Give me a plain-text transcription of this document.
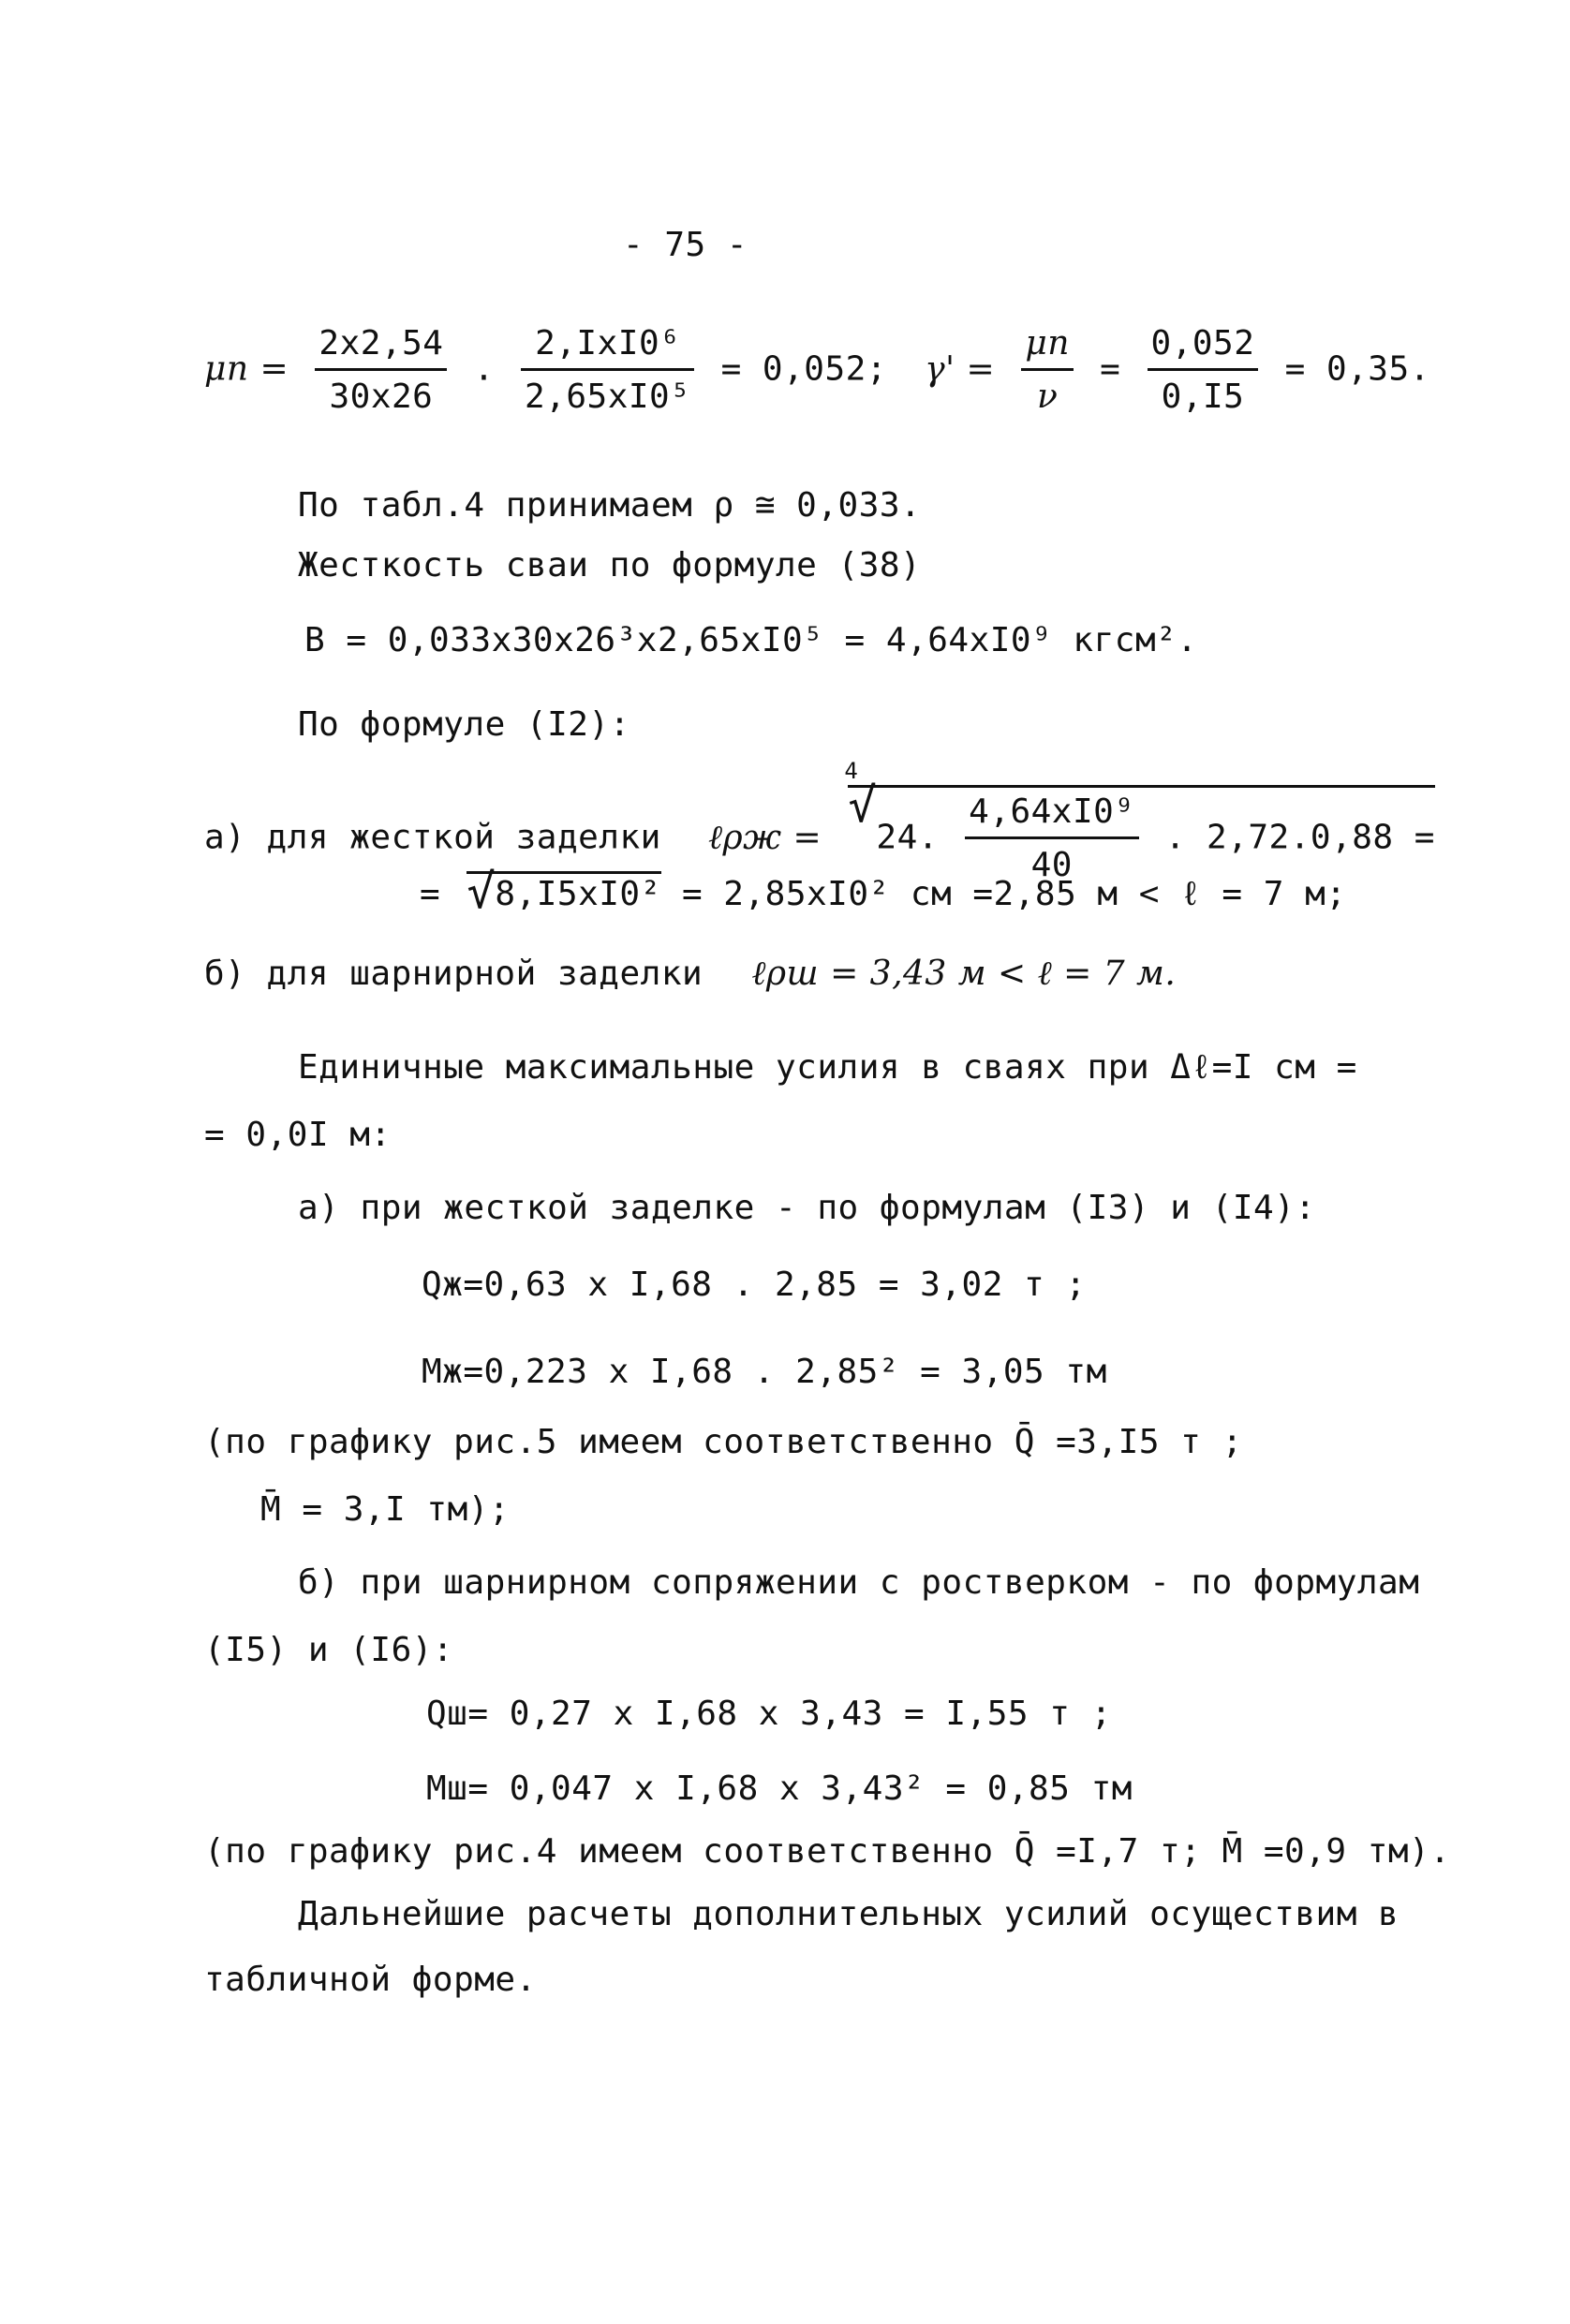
- 75 -
$\mu n = \frac{2x2,54}{30x26}$ . $\frac{\text{2,IxI0⁶}}{\text{2,65xI0⁵}} = 0,052$; $\gamma' = \frac{\mu n}{\nu} = \frac{0,052}{0,I5} = 0,35$.
По табл.4 принимаем ρ ≅ 0,033.
Жесткость сваи по формуле (38)
B = 0,033x30x26³x2,65xI0⁵ = 4,64xI0⁹ кгсм².
По формуле (I2):
а) для жесткой заделки ℓρж =
√
4
24. $\frac{\text{4,64xI0⁹}}{40}$ . 2,72.0,88 =
= √ 8,I5xI0² = 2,85xI0² см =2,85 м < ℓ = 7 м;
б) для шарнирной заделки ℓρш = 3,43 м < ℓ = 7 м.
Единичные максимальные усилия в сваях при Δℓ=I см =
= 0,0I м:
а) при жесткой заделке - по формулам (I3) и (I4):
Qж=0,63 x I,68 . 2,85 = 3,02 т ;
Мж=0,223 x I,68 . 2,85² = 3,05 тм
(по графику рис.5 имеем соответственно Q̄ =3,I5 т ;
M̄ = 3,I тм);
б) при шарнирном сопряжении с ростверком - по формулам
(I5) и (I6):
Qш= 0,27 x I,68 x 3,43 = I,55 т ;
Мш= 0,047 x I,68 x 3,43² = 0,85 тм
(по графику рис.4 имеем соответственно Q̄ =I,7 т; M̄ =0,9 тм).
Дальнейшие расчеты дополнительных усилий осуществим в
табличной форме.
